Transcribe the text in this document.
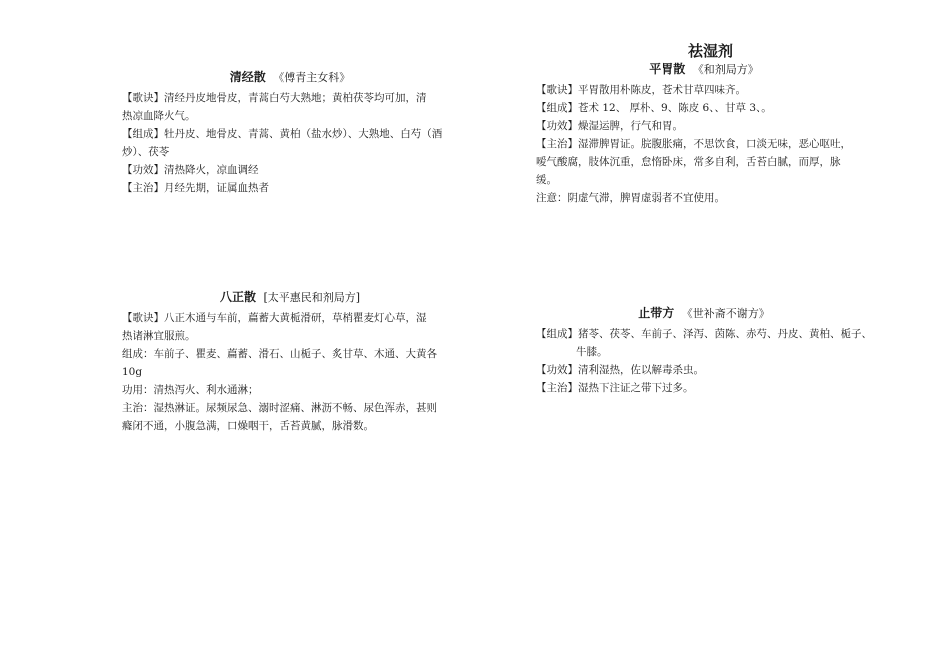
祛湿剂
清经散 《傅青主女科》
【歌诀】清经丹皮地骨皮，青蒿白芍大熟地；黄柏茯苓均可加，清
热凉血降火气。
【组成】牡丹皮、地骨皮、青蒿、黄柏（盐水炒）、大熟地、白芍（酒
炒）、茯苓
【功效】清热降火，凉血调经
【主治】月经先期，证属血热者
平胃散 《和剂局方》
【歌诀】平胃散用朴陈皮，苍术甘草四味齐。
【组成】苍术 12、 厚朴、9、陈皮 6、、甘草 3、。
【功效】燥湿运脾，行气和胃。
【主治】湿滞脾胃证。脘腹胀痛，不思饮食，口淡无味，恶心呕吐，
嗳气酸腐，肢体沉重，怠惰卧床，常多自利，舌苔白腻，而厚，脉
缓。
注意：阴虚气滞，脾胃虚弱者不宜使用。
八正散 [太平惠民和剂局方]
【歌诀】八正木通与车前，萹蓄大黄栀滑研，草梢瞿麦灯心草，湿
热诸淋宜服煎。
组成：车前子、瞿麦、萹蓄、滑石、山栀子、炙甘草、木通、大黄各
10g
功用：清热泻火、利水通淋；
主治：湿热淋证。尿频尿急、溺时涩痛、淋沥不畅、尿色浑赤，甚则
癃闭不通，小腹急满，口燥咽干，舌苔黄腻，脉滑数。
止带方 《世补斋不谢方》
【组成】猪苓、茯苓、车前子、泽泻、茵陈、赤芍、丹皮、黄柏、栀子、
牛膝。
【功效】清利湿热，佐以解毒杀虫。
【主治】湿热下注证之带下过多。
